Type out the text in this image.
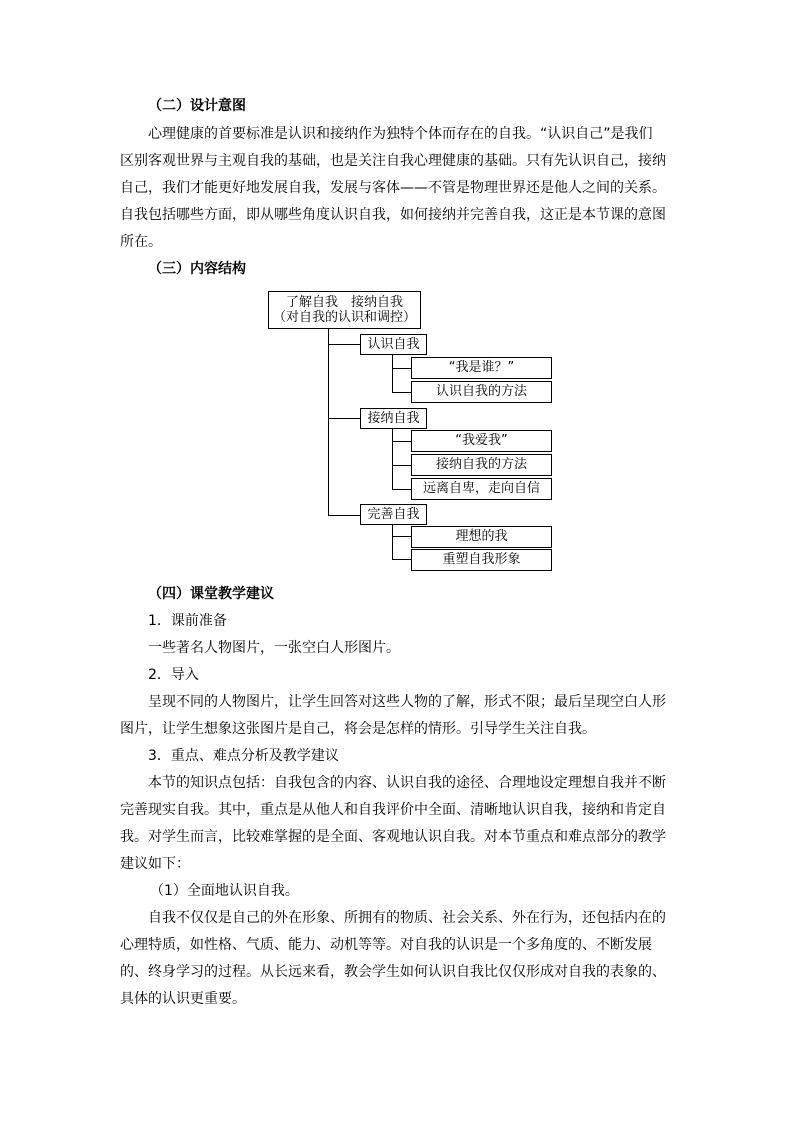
（二）设计意图
心理健康的首要标准是认识和接纳作为独特个体而存在的自我。“认识自己”是我们
区别客观世界与主观自我的基础，也是关注自我心理健康的基础。只有先认识自己，接纳
自己，我们才能更好地发展自我，发展与客体——不管是物理世界还是他人之间的关系。
自我包括哪些方面，即从哪些角度认识自我，如何接纳并完善自我，这正是本节课的意图
所在。
（三）内容结构
了解自我　接纳自我
（对自我的认识和调控）
认识自我
“我是谁？”
认识自我的方法
接纳自我
“我爱我”
接纳自我的方法
远离自卑，走向自信
完善自我
理想的我
重塑自我形象
（四）课堂教学建议
1．课前准备
一些著名人物图片，一张空白人形图片。
2．导入
呈现不同的人物图片，让学生回答对这些人物的了解，形式不限；最后呈现空白人形
图片，让学生想象这张图片是自己，将会是怎样的情形。引导学生关注自我。
3．重点、难点分析及教学建议
本节的知识点包括：自我包含的内容、认识自我的途径、合理地设定理想自我并不断
完善现实自我。其中，重点是从他人和自我评价中全面、清晰地认识自我，接纳和肯定自
我。对学生而言，比较难掌握的是全面、客观地认识自我。对本节重点和难点部分的教学
建议如下：
（1）全面地认识自我。
自我不仅仅是自己的外在形象、所拥有的物质、社会关系、外在行为，还包括内在的
心理特质，如性格、气质、能力、动机等等。对自我的认识是一个多角度的、不断发展
的、终身学习的过程。从长远来看，教会学生如何认识自我比仅仅形成对自我的表象的、
具体的认识更重要。
